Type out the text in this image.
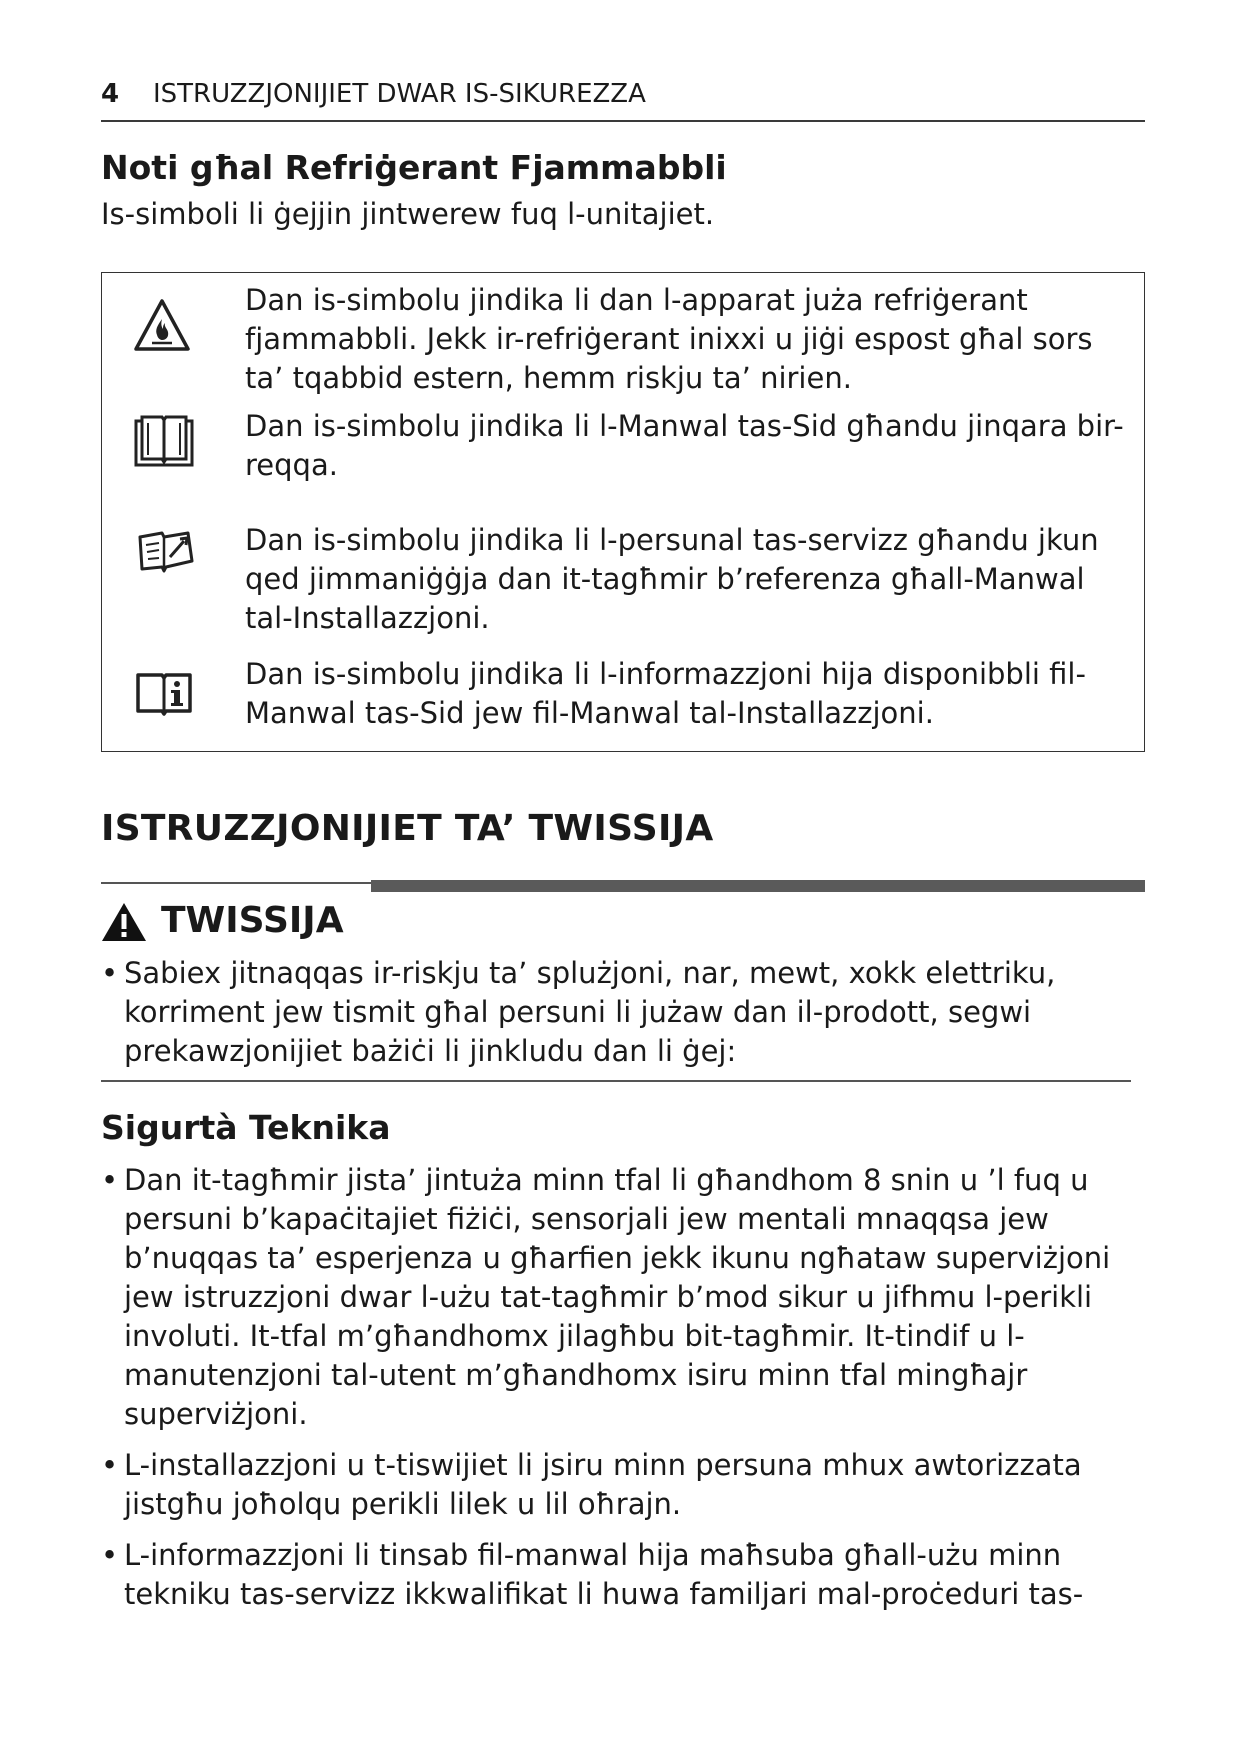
4 ISTRUZZJONIJIET DWAR IS-SIKUREZZA
Noti għal Refriġerant Fjammabbli

Is-simboli li ġejjin jintwerew fuq l-unitajiet.

Dan is-simbolu jindika li dan l-apparat juża refriġerant fjammabbli. Jekk ir-refriġerant inixxi u jiġi espost għal sors ta’ tqabbid estern, hemm riskju ta’ nirien.
Dan is-simbolu jindika li l-Manwal tas-Sid għandu jinqara bir-reqqa.
Dan is-simbolu jindika li l-persunal tas-servizz għandu jkun qed jimmaniġġja dan it-tagħmir b’referenza għall-Manwal tal-Installazzjoni.
Dan is-simbolu jindika li l-informazzjoni hija disponibbli fil-Manwal tas-Sid jew fil-Manwal tal-Installazzjoni.
ISTRUZZJONIJIET TA’ TWISSIJA
TWISSIJA
• Sabiex jitnaqqas ir-riskju ta’ splużjoni, nar, mewt, xokk elettriku, korriment jew tismit għal persuni li jużaw dan il-prodott, segwi prekawzjonijiet bażiċi li jinkludu dan li ġej:
Sigurtà Teknika
• Dan it-tagħmir jista’ jintuża minn tfal li għandhom 8 snin u ’l fuq u persuni b’kapaċitajiet fiżiċi, sensorjali jew mentali mnaqqsa jew b’nuqqas ta’ esperjenza u għarfien jekk ikunu ngħataw superviżjoni jew istruzzjoni dwar l-użu tat-tagħmir b’mod sikur u jifhmu l-perikli involuti. It-tfal m’għandhomx jilagħbu bit-tagħmir. It-tindif u l-manutenzjoni tal-utent m’għandhomx isiru minn tfal mingħajr superviżjoni.
• L-installazzjoni u t-tiswijiet li jsiru minn persuna mhux awtorizzata jistgħu joħolqu perikli lilek u lil oħrajn.
• L-informazzjoni li tinsab fil-manwal hija maħsuba għall-użu minn tekniku tas-servizz ikkwalifikat li huwa familjari mal-proċeduri tas-
